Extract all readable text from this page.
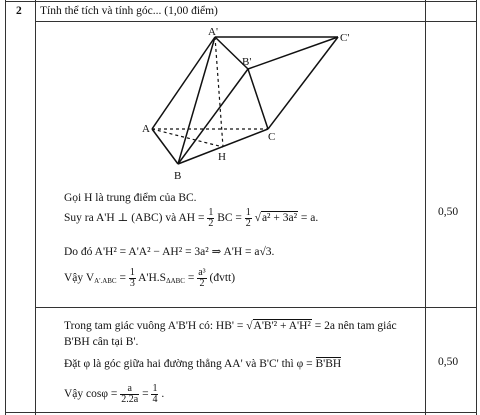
2 Tính thể tích và tính góc... (1,00 điểm)
A'	C'
B'
A
C
H
B
Gọi H là trung điểm của BC.
Suy ra A'H ⊥ (ABC) và AH = $\frac{1}{2}$ BC = $\frac{1}{2} √a^2 + 3a^2 = a$.
Do đó A'H² = A'A² − AH² = 3a² ⇒ A'H = a√3.
Vậy $VA'.ABC = \frac{1}{3} A'H.S\Delta ABC = \frac{\text{a³}}{2}$ (đvtt)
0,50
Trong tam giác vuông A'B'H có: HB' = √A'B'² + A'H² = 2a nên tam giác
B'BH cân tại B'.
Đặt φ là góc giữa hai đường thẳng AA' và B'C' thì φ = B'BH
Vậy $\cos\varphi = \frac{a}{2.2a} = \frac{1}{4}$ .
0,50
